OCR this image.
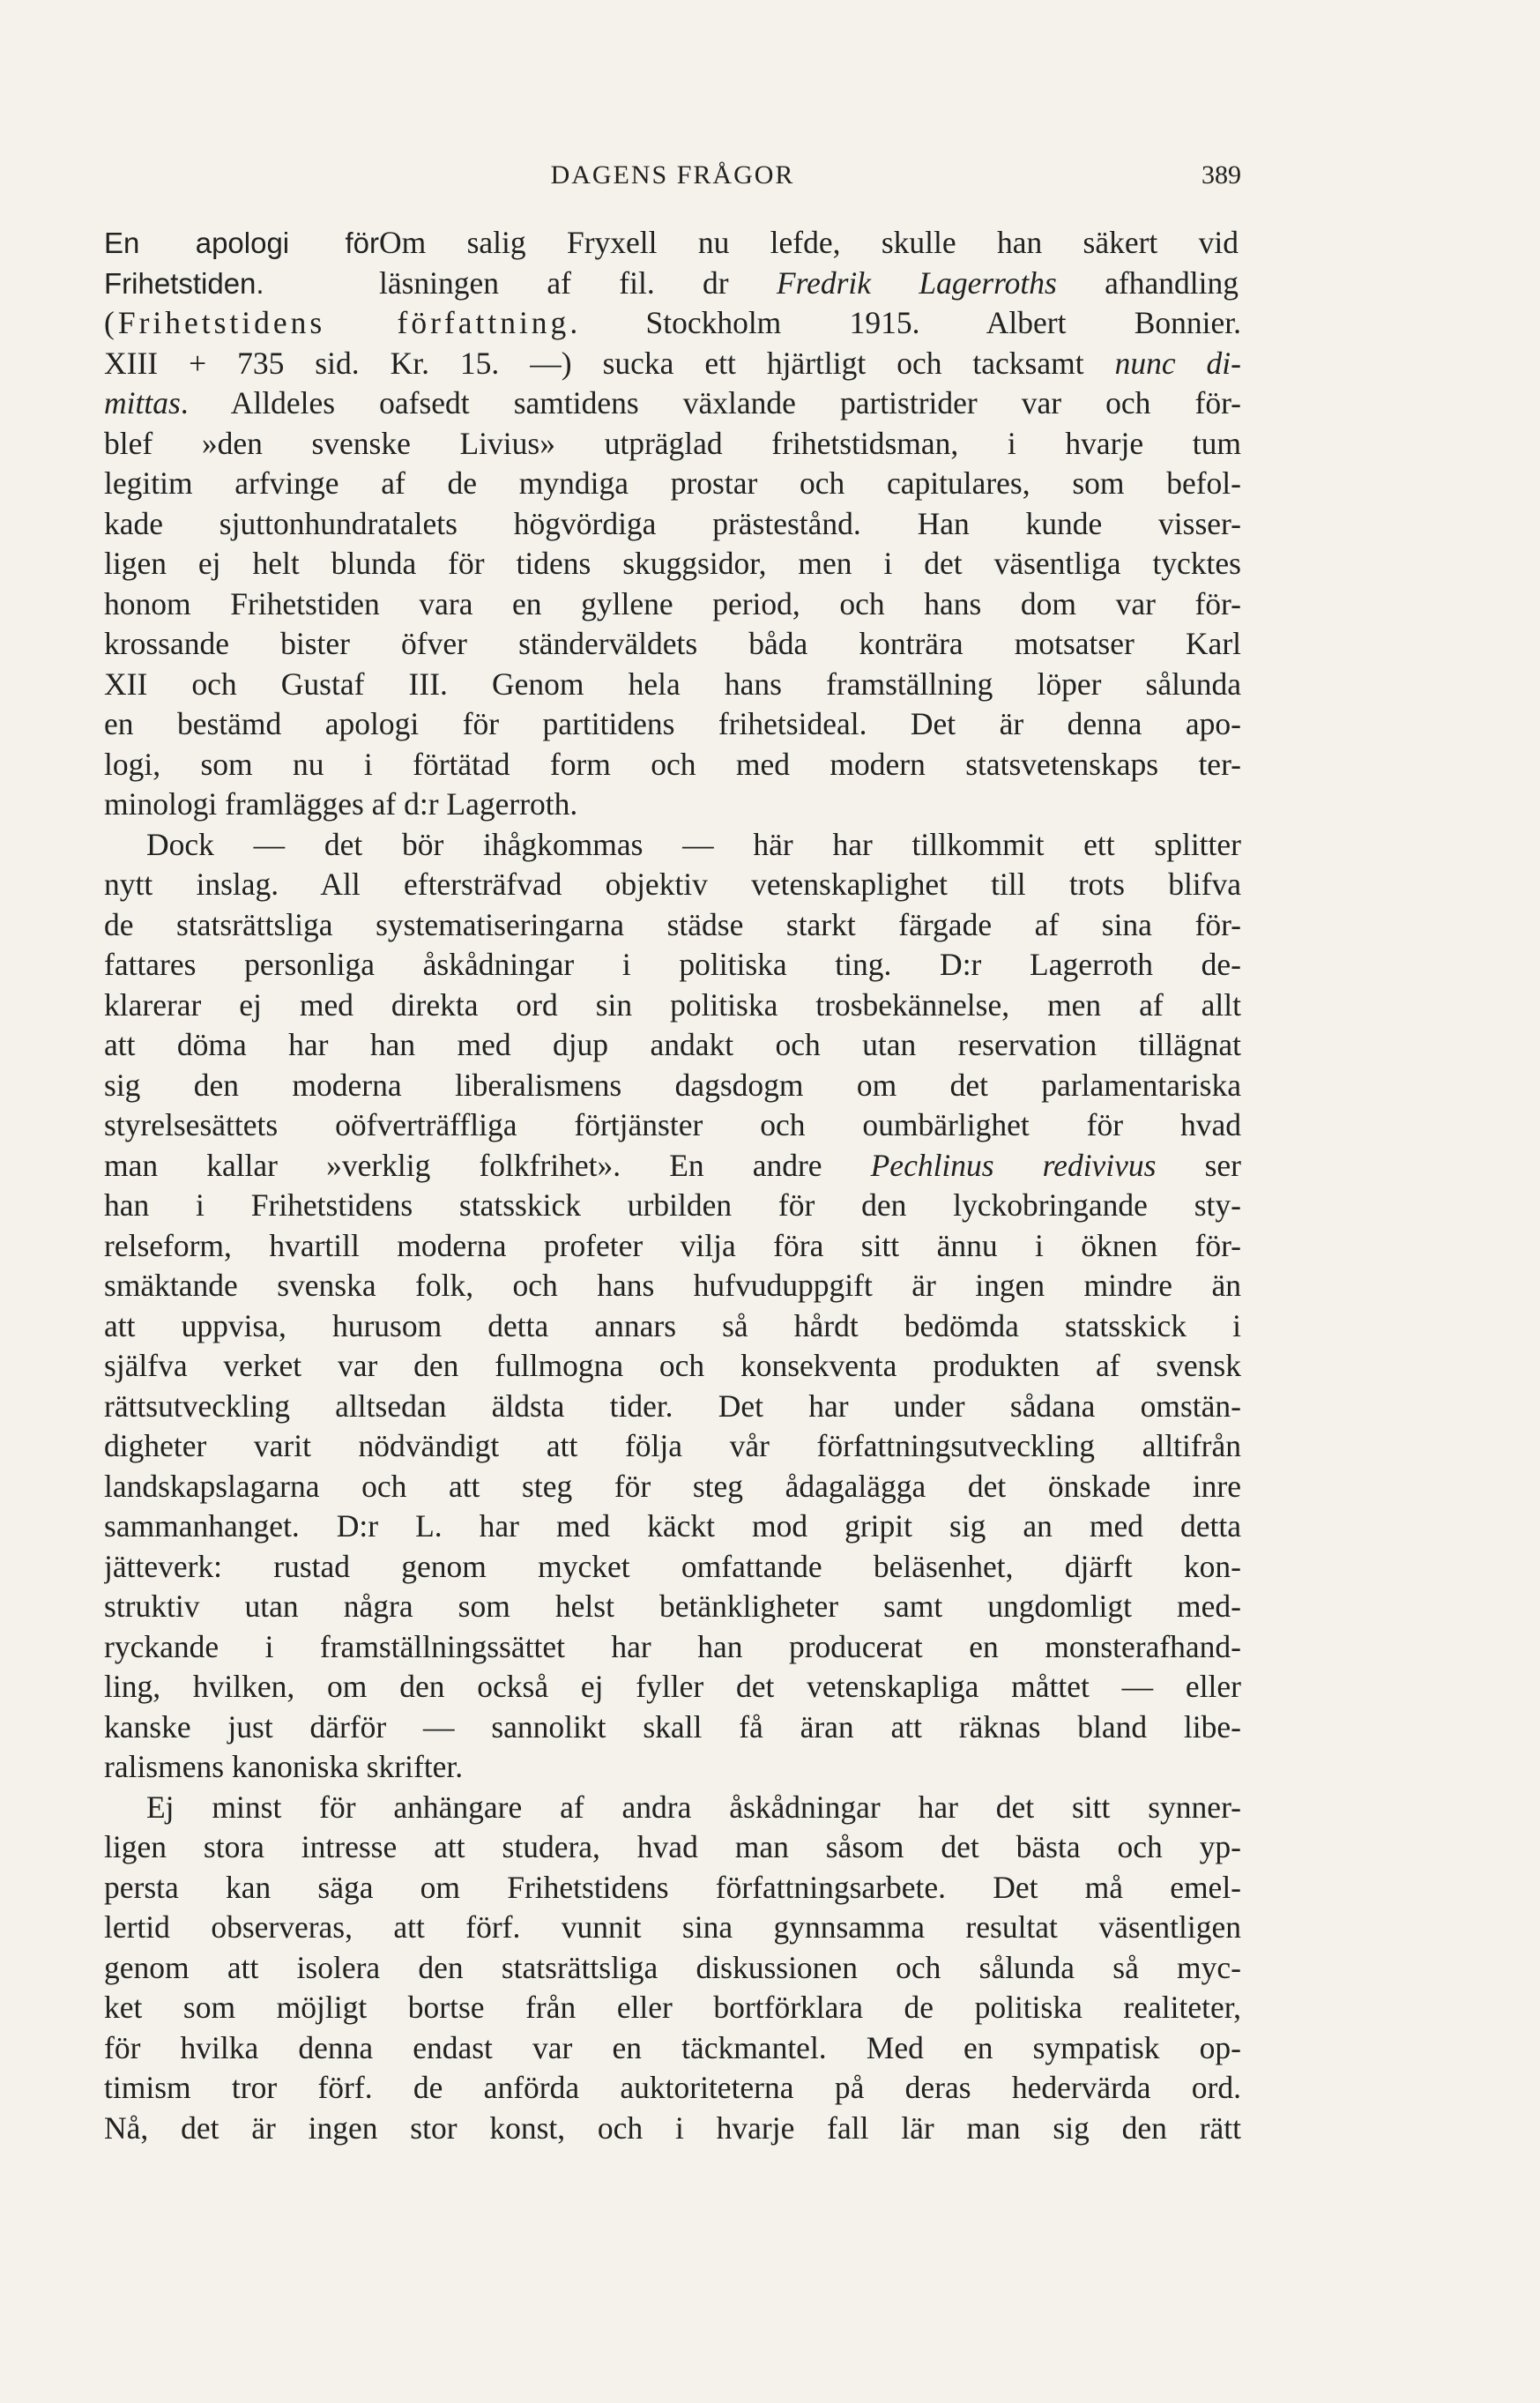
DAGENS FRÅGOR	389
En apologi förOm salig Fryxell nu lefde, skulle han säkert vid
Frihetstiden.	läsningen af fil. dr Fredrik Lagerroths afhandling
(Frihetstidens författning. Stockholm 1915. Albert Bonnier.
XIII + 735 sid. Kr. 15. —) sucka ett hjärtligt och tacksamt nunc di-
mittas. Alldeles oafsedt samtidens växlande partistrider var och för-
blef »den svenske Livius» utpräglad frihetstidsman, i hvarje tum
legitim arfvinge af de myndiga prostar och capitulares, som befol-
kade sjuttonhundratalets högvördiga prästestånd. Han kunde visser-
ligen ej helt blunda för tidens skuggsidor, men i det väsentliga tycktes
honom Frihetstiden vara en gyllene period, och hans dom var för-
krossande bister öfver ständerväldets båda konträra motsatser Karl
XII och Gustaf III. Genom hela hans framställning löper sålunda
en bestämd apologi för partitidens frihetsideal. Det är denna apo-
logi, som nu i förtätad form och med modern statsvetenskaps ter-
minologi framlägges af d:r Lagerroth.
Dock — det bör ihågkommas — här har tillkommit ett splitter
nytt inslag. All eftersträfvad objektiv vetenskaplighet till trots blifva
de statsrättsliga systematiseringarna städse starkt färgade af sina för-
fattares personliga åskådningar i politiska ting. D:r Lagerroth de-
klarerar ej med direkta ord sin politiska trosbekännelse, men af allt
att döma har han med djup andakt och utan reservation tillägnat
sig den moderna liberalismens dagsdogm om det parlamentariska
styrelsesättets oöfverträffliga förtjänster och oumbärlighet för hvad
man kallar »verklig folkfrihet». En andre Pechlinus redivivus ser
han i Frihetstidens statsskick urbilden för den lyckobringande sty-
relseform, hvartill moderna profeter vilja föra sitt ännu i öknen för-
smäktande svenska folk, och hans hufvuduppgift är ingen mindre än
att uppvisa, hurusom detta annars så hårdt bedömda statsskick i
själfva verket var den fullmogna och konsekventa produkten af svensk
rättsutveckling alltsedan äldsta tider. Det har under sådana omstän-
digheter varit nödvändigt att följa vår författningsutveckling alltifrån
landskapslagarna och att steg för steg ådagalägga det önskade inre
sammanhanget. D:r L. har med käckt mod gripit sig an med detta
jätteverk: rustad genom mycket omfattande beläsenhet, djärft kon-
struktiv utan några som helst betänkligheter samt ungdomligt med-
ryckande i framställningssättet har han producerat en monsterafhand-
ling, hvilken, om den också ej fyller det vetenskapliga måttet — eller
kanske just därför — sannolikt skall få äran att räknas bland libe-
ralismens kanoniska skrifter.
Ej minst för anhängare af andra åskådningar har det sitt synner-
ligen stora intresse att studera, hvad man såsom det bästa och yp-
persta kan säga om Frihetstidens författningsarbete. Det må emel-
lertid observeras, att förf. vunnit sina gynnsamma resultat väsentligen
genom att isolera den statsrättsliga diskussionen och sålunda så myc-
ket som möjligt bortse från eller bortförklara de politiska realiteter,
för hvilka denna endast var en täckmantel. Med en sympatisk op-
timism tror förf. de anförda auktoriteterna på deras hedervärda ord.
Nå, det är ingen stor konst, och i hvarje fall lär man sig den rätt
